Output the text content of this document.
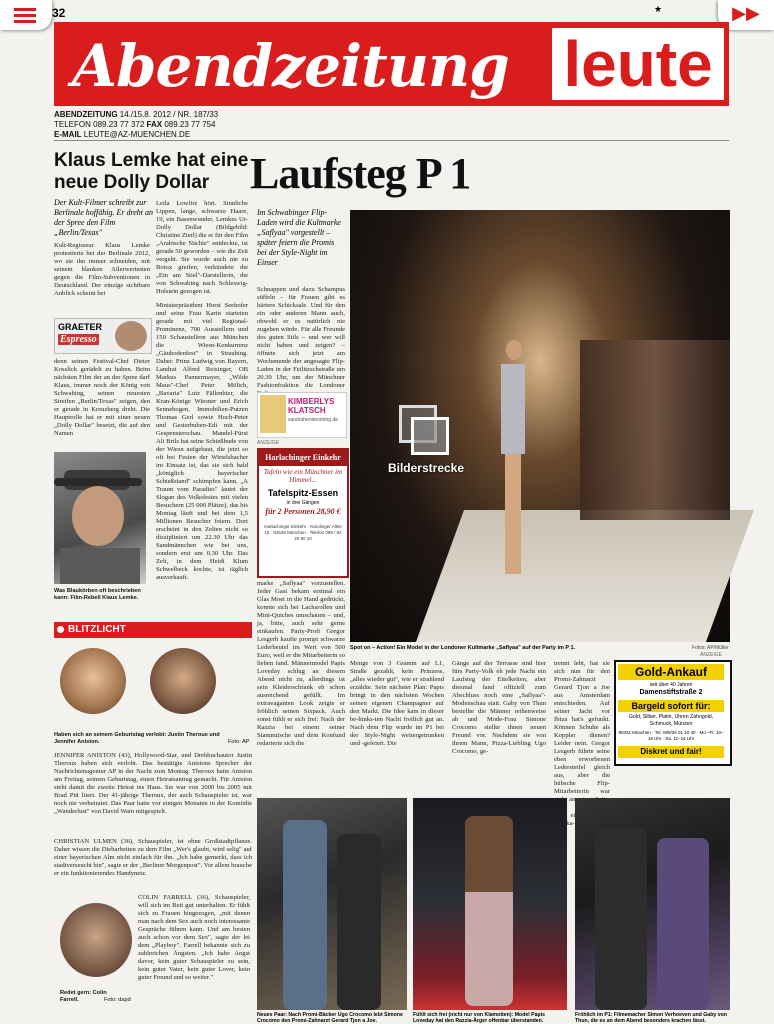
32	★	▶▶
Abendzeitung leute
ABENDZEITUNG 14./15.8. 2012 / NR. 187/33
TELEFON 089.23 77 372 FAX 089.23 77 754
E-MAIL LEUTE@AZ-MUENCHEN.DE
Klaus Lemke hat eine neue Dolly Dollar
Der Kult-Filmer schreibt zur Berlinale hoffähig. Er dreht an der Spree den Film „Berlin/Texas"
Kult-Regisseur Klaus Lemke protestierte bei der Berlinale 2012, wo sie ihn immer schneiden, mit seinem blanken Allerwertesten gegen die Film-Subventionen in Deutschland. Der einzige sichtbare Anblick scheint bei
GRAETER
Espresso
denn seinen Festival-Chef Dieter Kosslick gerädelt zu haben. Beim nächsten Film der an der Spree darf Klaus, immer noch der König von Schwabing, seinen neuesten Streifen „Berlin/Texas" zeigen, den er gerade in Kreuzberg dreht. Die Hauptrolle hat er mit einer neuen „Dolly Dollar" besetzt, die auf den Namen
Leila Lowfire hört. Sinnliche Lippen, lange, schwarze Haare, 19, ein Basenwunder, Lemkes Ur-Dolly Dollar (Bildgebild: Christine Zierl) die er für den Film „Arabische Nächte" entdeckte, ist gerade 50 geworden – wie die Zeit vergeht. Sie wurde auch nie zu Botox greifen, verkündete die „Ein am Stiel"-Darstellerin, die von Schwabing nach Schleswig-Holstein gezogen ist.
Ministerpräsident Horst Seehofer und seine Frau Karin starteten gerade mit viel Regional-Prominenz, 700 Ausstellern und 150 Schaustellern aus München die Wiesn-Konkurrenz „Gäubodenfest" in Straubing. Dabei: Prinz Ludwig von Bayern, Landrat Alfred Reisinger, OB Markus Pannermayer, „Wilde Maus"-Chef Peter Mölich, „Bavaria" Lutz Fällenbier, die Kran-Könige Wiesner und Erich Sennebogen, Immobilien-Putzen Thomas Gerl sowie Hoch-Peter und Gesterbuben-Edi mit der Gespensterschau. Mandel-Fürst Ali Brils hat seine Schießbude von der Wiesn aufgebaut, die jetzt so oft bei Festen der Wirtelsbacher im Einsatz ist, das sie sich bald „königlich bayerischer Schießstand" schimpfen kann. „A Traum vom Paradies" lautet der Slogan des Volksfestes mit vielen Besuchern (25 000 Plätze), das bis Montag läuft und bei dem 1,5 Millionen Besucher feiern. Dort erscheint in den Zelten nicht so diszipliniert um 22.30 Uhr das Sandmännchen wie bei uns, sondern erst um 0.30 Uhr. Das Zelt, in dem Heidi Klum Schwelbeck kochte, ist täglich ausverkauft.
Was Blaukörben oft beschrieben kann: Film-Rebell Klaus Lemke.
BLITZLICHT
Haben sich an seinem Geburtstag verlobt: Justin Theroux und Jennifer Aniston.	Foto: AP
JENNIFER ANISTON (43), Hollywood-Star, und Drehbuchautor Justin Theroux haben sich verlobt. Das bestätigte Anistons Sprecher der Nachrichtenagentur AP in der Nacht zum Montag. Theroux hatte Aniston am Freitag, seinem Geburtstag, einen Heiratsantrag gemacht. Für Aniston steht damit die zweite Heirat ins Haus. Sie war von 2000 bis 2005 mit Brad Pitt liiert. Der 41-jährige Theroux, der auch Schauspieler ist, war noch nie verheiratet. Das Paar hatte vor einigen Monaten in der Komödie „Wanderlust" von David Wain mitgespielt.
CHRISTIAN ULMEN (36), Schauspieler, ist ohne Großstadtpflanze. Daher wissen die Diebarbeiten zu dem Film „Wer's glaubt, wird selig" auf einer bayerischen Alm nicht einfach für ihn. „Ich habe gemerkt, dass ich stadtverseucht bin", sagte er der „Berliner Morgenpost". Vor allem brauche er ein funktionierendes Handynetz.
COLIN FARRELL (36), Schauspieler, will sich im Bett gut unterhalten. Er fühlt sich zu Frauen hingezogen, „mit denen man nach dem Sex auch noch interessante Gespräche führen kann. Und am besten auch schon vor dem Sex", sagte der lei dem „Playboy". Farrell bekannte sich zu zahlreichen Ängsten. „Ich habe Angst davor, kein guter Schauspieler zu sein, kein guter Vater, kein guter Lover, kein guter Freund und so weiter."
Redet gern: Colin Farrell.	Foto: dapd
Laufsteg P 1
Im Schwabinger Flip-Laden wird die Kultmarke „Saflyaa" vorgestellt – später feiern die Promis bei der Style-Night im Einser
Schnappen und dazu Schampus süffeln – für Frauen gibt es härtere Schicksale. Und für den ein oder anderen Mann auch, obwohl er es natürlich nie zugeben würde. Für alle Freunde des guten Stils – und wer will nicht haben und zeigen? – öffnete sich jetzt am Wochenende der angesagte Flip-Laden in der Feilitzschstraße um 20.30 Uhr, um der Münchner Fashionfraktion die Londoner
KIMBERLYS KLATSCH
sandrahenderstring.de
ANZEIGE
Harlachinger Einkehr
Tafeln wie ein Münchner im Himmel...
Tafelspitz-Essen
in drei Gängen
für 2 Personen 28,90 €
Harlachinger Einkehr · Karolinger Allee 18 · 81545 München · Telefon 089 / 64 20 90 10
Bilderstrecke
Spot on – Action! Ein Model in der Londoner Kultmarke „Saflyaa" auf der Party im P 1.	Fotos: AP/Müller
marke „Saflyaa" vorzustellen. Jeder Gast bekam erstmal ein Glas Moet in die Hand gedrückt, konnte sich bei Lachsrollen und Mini-Quiches umschauen – und, ja, bitte, auch sehr gerne einkaufen. Party-Profi Gregor Lesgerb kaufte prompt schwarze Lederbeutel im Wert von 500 Euro, weil er die Mitarbeiterin so lieben fand. Männermodel Papis Loveday schlug an diesem Abend nicht zu, allerdings ist sein Kleiderschrank eh schon ausreichend gefüllt. Im extravaganten Look zeigte er fröhlich seinen Sixpack. Auch sonst fühlt er sich frei: Nach der Razzia bei einem seiner Stammtische und dem Konfund redarierte sich die
Menge von 3 Gramm auf L1, Straße gezahlt, kein Prinzess, „alles wieder gut", wie er strahlend erzählte. Sein nächster Plan: Papis bringt in den nächsten Wochen seinen eigenen Champagner auf den Markt. Die Idee kam in dieser be-hinks-ten Nacht freilich gut an. Nach dem Flip wurde im P1 bei der Style-Night weitergetrunken und -gefeiert. Die
Gänge auf der Terrasse sind hier fürs Party-Volk eh jede Nacht ein Laufsteg der Eitelkeiten, aber diesmal fand offiziell zum Abschluss noch eine „Saflyaa"-Modenschau statt. Gaby von Thun bestellte die Männer reihenweise ab und Mode-Frau Simone Crocomo stellte ihnen neuen Freund vor. Nachdem sie von ihrem Mann, Pizza-Liebling Ugo Crocomo, ge-
trennt lebt, hat sie sich nun für den Promi-Zahnarzt Gerard Tjon a Joe aus Amsterdam entschieden. Auf seiner Jacht vor Ibiza hat's gefunkt. Können Schuhe als Koppler dienen? Leider nein. Gregor Lesgerb führte seine eben erworbenen Ledersteifel gleich aus, aber die hübsche Flip-Mitarbeiterin war an
ANZEIGE
Gold-Ankauf
seit über 40 Jahren
Damenstiftstraße 2
Bargeld sofort für:
Gold, Silber, Platin, Uhren Zahngold, Schmuck, Münzen
80331 München · Tel. 089/26 01 10 40 · Mo.–Fr. 10–18 Uhr · Sa. 11–16 Uhr
Diskret und fair!
Neues Paar: Nach Promi-Bäcker Ugo Crocomo lebt Simone Crocomo den Promi-Zahnarzt Gerard Tjon a Joe.
Fühlt sich frei (nicht nur von Klamotten): Model Papis Loveday hat den Razzia-Ärger offenbar überstanden.
Fröhlich im P1: Filmemacher Simon Verhoeven und Gaby von Thun, die es an dem Abend besonders krachen lässt.
